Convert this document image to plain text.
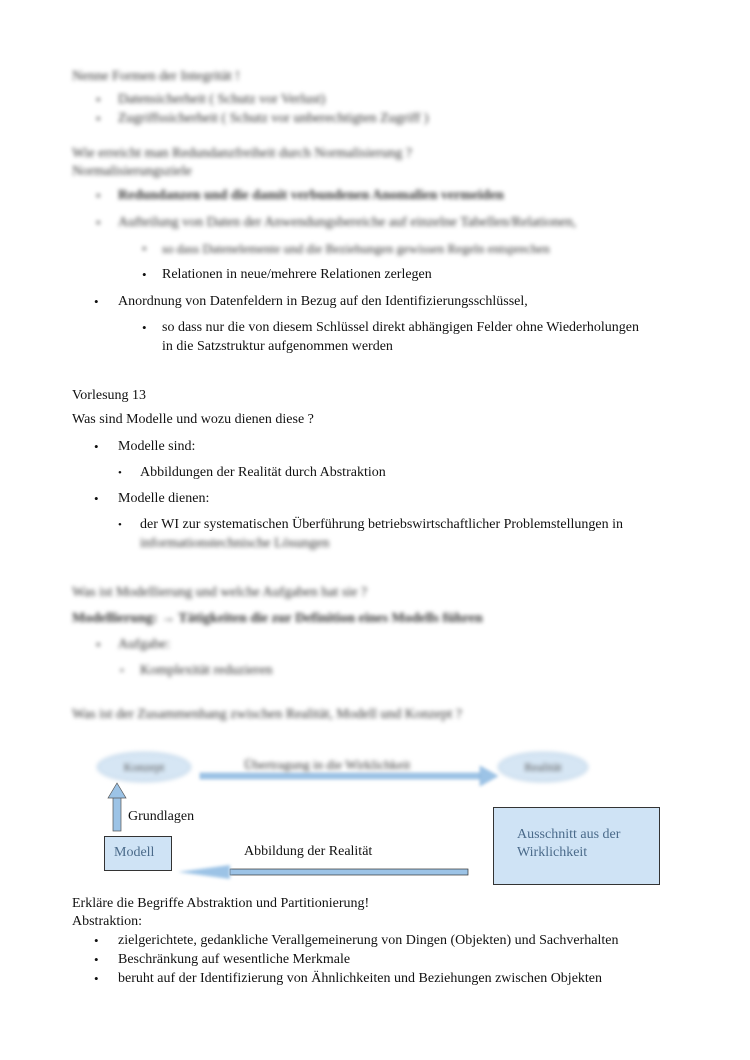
Nenne Formen der Integrität !
• Datensicherheit ( Schutz vor Verlust)
• Zugriffssicherheit ( Schutz vor unberechtigten Zugriff )
Wie erreicht man Redundanzfreiheit durch Normalisierung ?
Normalisierungsziele
• Redundanzen und die damit verbundenen Anomalien vermeiden
• Aufteilung von Daten der Anwendungsbereiche auf einzelne Tabellen/Relationen,
• so dass Datenelemente und die Beziehungen gewissen Regeln entsprechen
• Relationen in neue/mehrere Relationen zerlegen
• Anordnung von Datenfeldern in Bezug auf den Identifizierungsschlüssel,
• so dass nur die von diesem Schlüssel direkt abhängigen Felder ohne Wiederholungen
in die Satzstruktur aufgenommen werden
Vorlesung 13
Was sind Modelle und wozu dienen diese ?
• Modelle sind:
• Abbildungen der Realität durch Abstraktion
• Modelle dienen:
• der WI zur systematischen Überführung betriebswirtschaftlicher Problemstellungen in
informationstechnische Lösungen
Was ist Modellierung und welche Aufgaben hat sie ?
Modellierung: → Tätigkeiten die zur Definition eines Modells führen
• Aufgabe:
• Komplexität reduzieren
Was ist der Zusammenhang zwischen Realität, Modell und Konzept ?
Konzept	Realität
Übertragung in die Wirklichkeit
Grundlagen
Modell	Abbildung der Realität
Ausschnitt aus der
Wirklichkeit
Erkläre die Begriffe Abstraktion und Partitionierung!
Abstraktion:
• zielgerichtete, gedankliche Verallgemeinerung von Dingen (Objekten) und Sachverhalten
• Beschränkung auf wesentliche Merkmale
• beruht auf der Identifizierung von Ähnlichkeiten und Beziehungen zwischen Objekten
